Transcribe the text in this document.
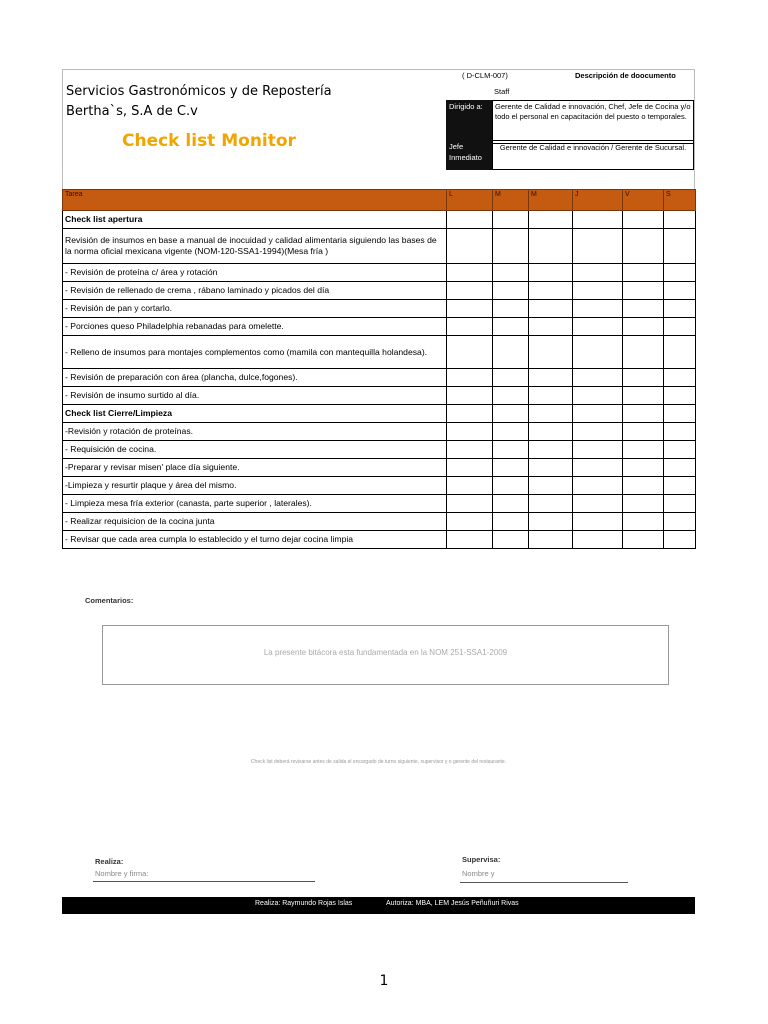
Servicios Gastronómicos y de Repostería
Bertha`s, S.A de C.v
Check list Monitor
( D-CLM-007)	Descripción de doocumento
Staff
Dirigido a:	Gerente de Calidad e innovación, Chef, Jefe de Cocina y/o todo el personal en capacitación del puesto o temporales.
Jefe Inmediato
Gerente de Calidad e innovación / Gerente de Sucursal.
Tarea	L	M	M	J	V	S
Check list apertura						
Revisión de insumos en base a manual de inocuidad y calidad alimentaria siguiendo las bases de la norma oficial mexicana vigente (NOM-120-SSA1-1994)(Mesa fría )						
- Revisión de proteína c/ área y rotación						
- Revisión de rellenado de crema , rábano laminado y picados del día						
- Revisión de pan y cortarlo.						
- Porciones queso Philadelphia rebanadas para omelette.						
- Relleno de insumos para montajes complementos como (mamila con mantequilla holandesa).						
- Revisión de preparación con área (plancha, dulce,fogones).						
- Revisión de insumo surtido al día.						
Check list Cierre/Limpieza						
-Revisión y rotación de proteínas.						
- Requisición de cocina.						
-Preparar y revisar misen' place día siguiente.						
-Limpieza y resurtir plaque y área del mismo.						
- Limpieza mesa fría exterior (canasta, parte superior , laterales).						
- Realizar requisicion de la cocina junta						
- Revisar que cada area cumpla lo establecido y el turno dejar cocina limpia						
Comentarios:
La presente bitácora esta fundamentada en la NOM 251-SSA1-2009
Check list deberá revisarse antes de salida el encargado de turno siguiente, supervisor y o gerente del restaurante.
Realiza:
Nombre y firma:
Supervisa:
Nombre y
Realiza: Raymundo Rojas Islas	Autoriza: MBA, LEM Jesús Peñuñuri Rivas
1
